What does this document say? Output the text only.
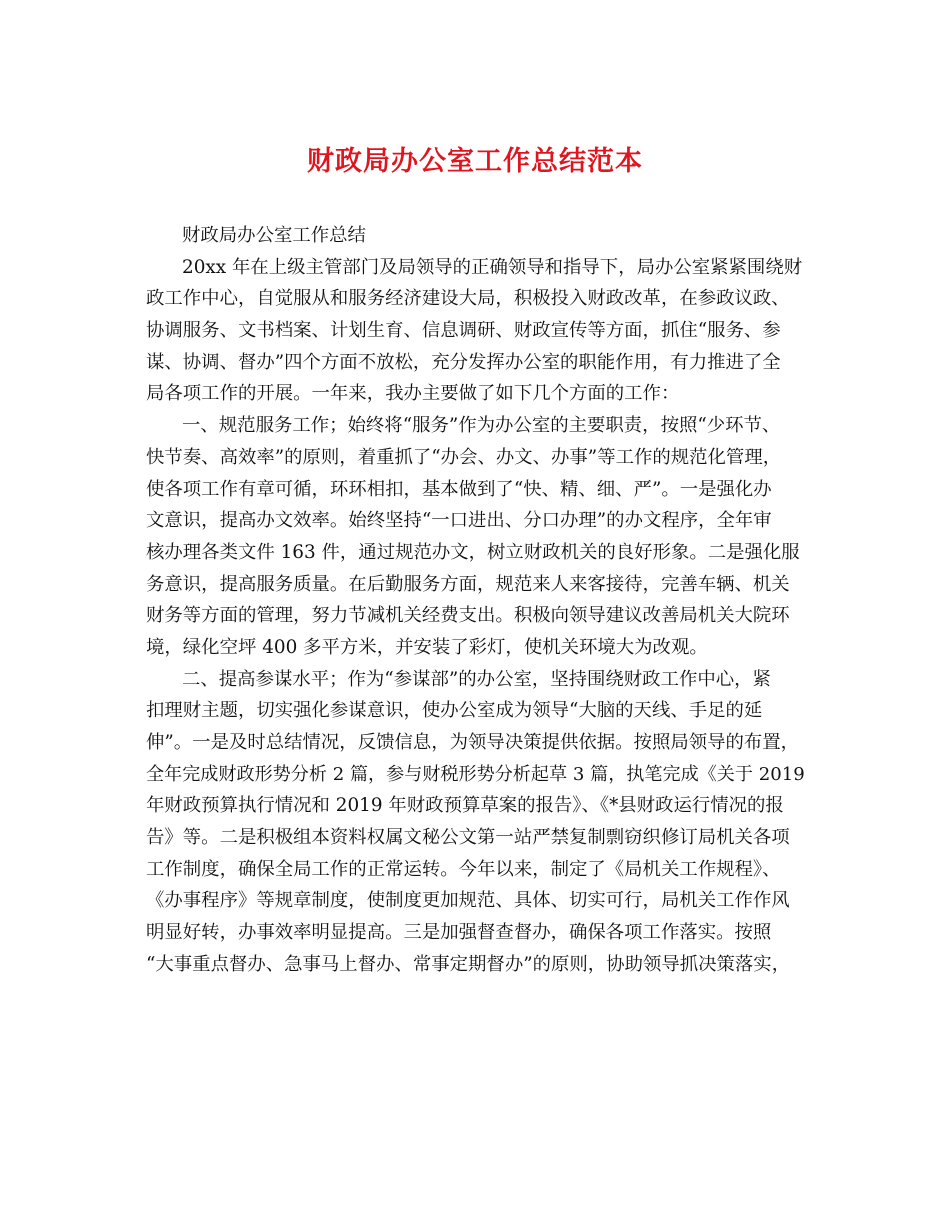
财政局办公室工作总结范本
财政局办公室工作总结
20xx 年在上级主管部门及局领导的正确领导和指导下，局办公室紧紧围绕财
政工作中心，自觉服从和服务经济建设大局，积极投入财政改革，在参政议政、
协调服务、文书档案、计划生育、信息调研、财政宣传等方面，抓住“服务、参
谋、协调、督办”四个方面不放松，充分发挥办公室的职能作用，有力推进了全
局各项工作的开展。一年来，我办主要做了如下几个方面的工作：
一、规范服务工作；始终将“服务”作为办公室的主要职责，按照“少环节、
快节奏、高效率”的原则，着重抓了“办会、办文、办事”等工作的规范化管理，
使各项工作有章可循，环环相扣，基本做到了“快、精、细、严”。一是强化办
文意识，提高办文效率。始终坚持“一口进出、分口办理”的办文程序，全年审
核办理各类文件 163 件，通过规范办文，树立财政机关的良好形象。二是强化服
务意识，提高服务质量。在后勤服务方面，规范来人来客接待，完善车辆、机关
财务等方面的管理，努力节减机关经费支出。积极向领导建议改善局机关大院环
境，绿化空坪 400 多平方米，并安装了彩灯，使机关环境大为改观。
二、提高参谋水平；作为“参谋部”的办公室，坚持围绕财政工作中心，紧
扣理财主题，切实强化参谋意识，使办公室成为领导“大脑的天线、手足的延
伸”。一是及时总结情况，反馈信息，为领导决策提供依据。按照局领导的布置，
全年完成财政形势分析 2 篇，参与财税形势分析起草 3 篇，执笔完成《关于 2019
年财政预算执行情况和 2019 年财政预算草案的报告》、《*县财政运行情况的报
告》等。二是积极组本资料权属文秘公文第一站严禁复制剽窃织修订局机关各项
工作制度，确保全局工作的正常运转。今年以来，制定了《局机关工作规程》、
《办事程序》等规章制度，使制度更加规范、具体、切实可行，局机关工作作风
明显好转，办事效率明显提高。三是加强督查督办，确保各项工作落实。按照
“大事重点督办、急事马上督办、常事定期督办”的原则，协助领导抓决策落实，
